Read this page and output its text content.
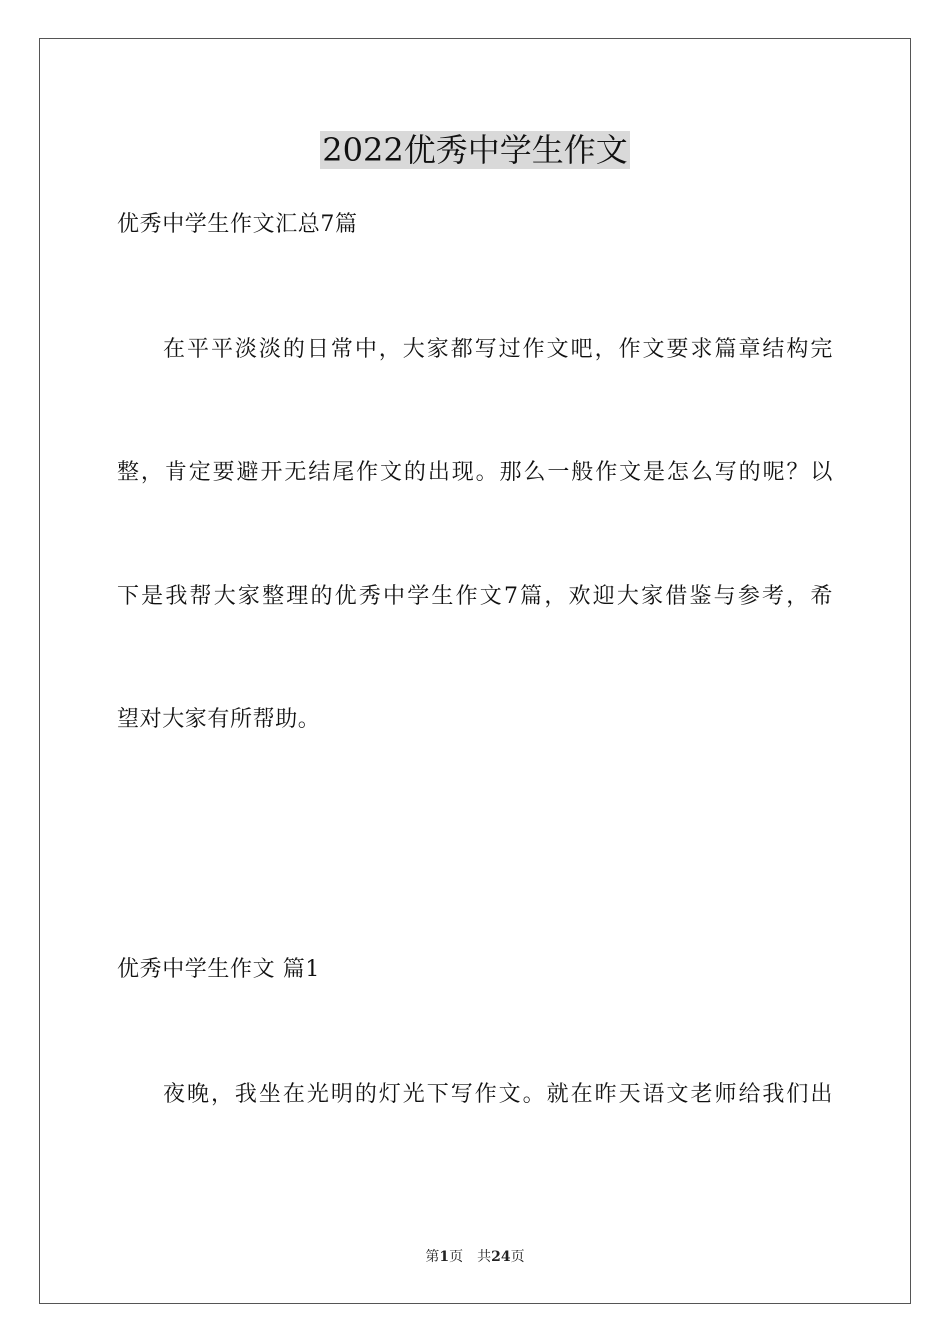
2022优秀中学生作文
优秀中学生作文汇总7篇
在平平淡淡的日常中，大家都写过作文吧，作文要求篇章结构完
整，肯定要避开无结尾作文的出现。那么一般作文是怎么写的呢？以
下是我帮大家整理的优秀中学生作文7篇，欢迎大家借鉴与参考，希
望对大家有所帮助。
优秀中学生作文 篇1
夜晚，我坐在光明的灯光下写作文。就在昨天语文老师给我们出
第1页 共24页
